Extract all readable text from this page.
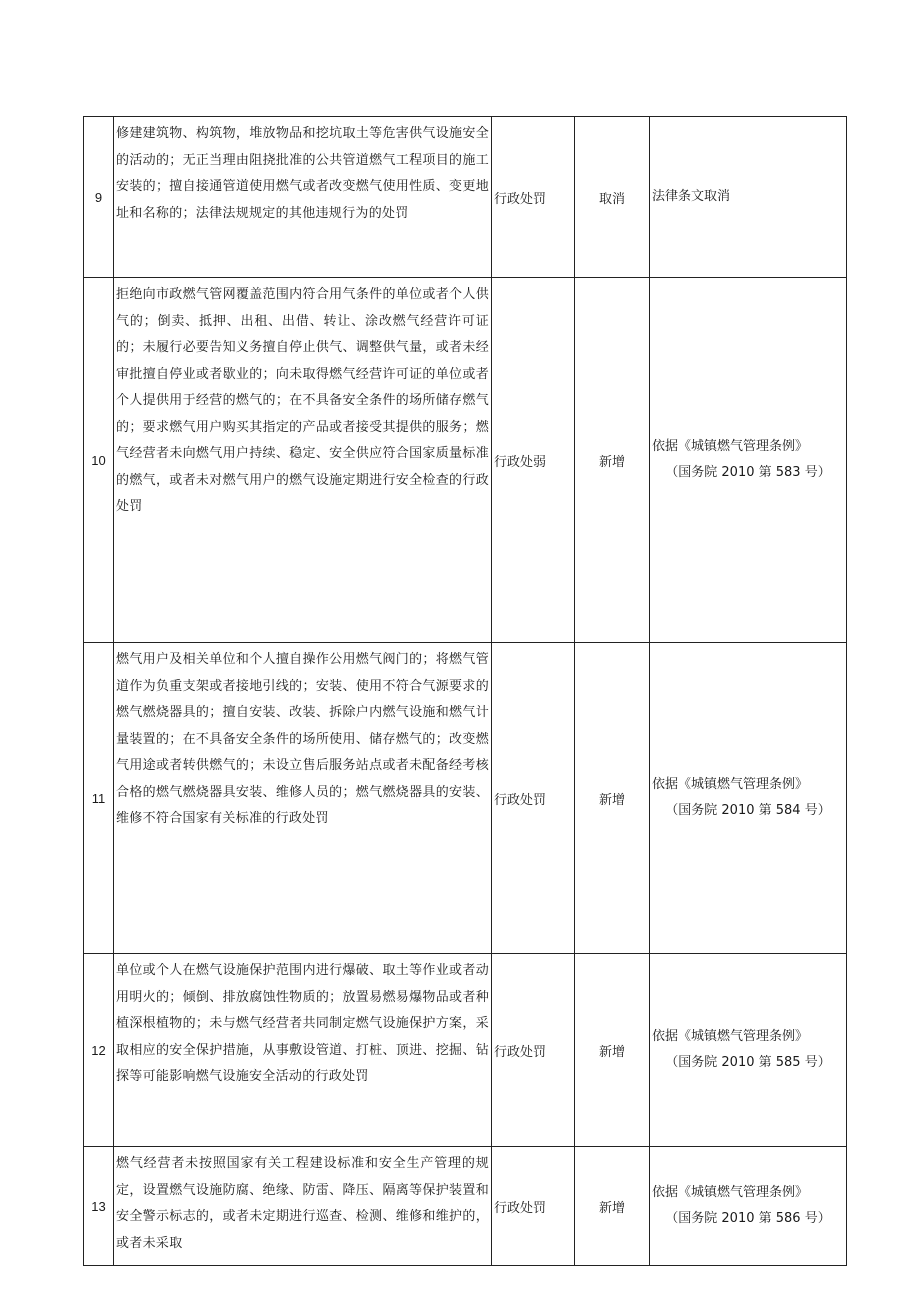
9	修建建筑物、构筑物，堆放物品和挖坑取土等危害供气设施安全的活动的；无正当理由阻挠批准的公共管道燃气工程项目的施工安装的；擅自接通管道使用燃气或者改变燃气使用性质、变更地址和名称的；法律法规规定的其他违规行为的处罚	行政处罚	取消	法律条文取消

10	拒绝向市政燃气管网覆盖范围内符合用气条件的单位或者个人供气的；倒卖、抵押、出租、出借、转让、涂改燃气经营许可证的；未履行必要告知义务擅自停止供气、调整供气量，或者未经审批擅自停业或者歇业的；向未取得燃气经营许可证的单位或者个人提供用于经营的燃气的；在不具备安全条件的场所储存燃气的；要求燃气用户购买其指定的产品或者接受其提供的服务；燃气经营者未向燃气用户持续、稳定、安全供应符合国家质量标准的燃气，或者未对燃气用户的燃气设施定期进行安全检查的行政处罚	行政处弱	新增	依据《城镇燃气管理条例》
（国务院 2010 第 583 号）

11	燃气用户及相关单位和个人擅自操作公用燃气阀门的；将燃气管道作为负重支架或者接地引线的；安装、使用不符合气源要求的燃气燃烧器具的；擅自安装、改装、拆除户内燃气设施和燃气计量装置的；在不具备安全条件的场所使用、储存燃气的；改变燃气用途或者转供燃气的；未设立售后服务站点或者未配备经考核合格的燃气燃烧器具安装、维修人员的；燃气燃烧器具的安装、维修不符合国家有关标准的行政处罚	行政处罚	新增	依据《城镇燃气管理条例》
（国务院 2010 第 584 号）

12	单位或个人在燃气设施保护范围内进行爆破、取土等作业或者动用明火的；倾倒、排放腐蚀性物质的；放置易燃易爆物品或者种植深根植物的；未与燃气经营者共同制定燃气设施保护方案，采取相应的安全保护措施，从事敷设管道、打桩、顶进、挖掘、钻探等可能影响燃气设施安全活动的行政处罚	行政处罚	新增	依据《城镇燃气管理条例》
（国务院 2010 第 585 号）

13	燃气经营者未按照国家有关工程建设标准和安全生产管理的规定，设置燃气设施防腐、绝缘、防雷、降压、隔离等保护装置和安全警示标志的，或者未定期进行巡查、检测、维修和维护的，或者未采取	行政处罚	新增	依据《城镇燃气管理条例》
（国务院 2010 第 586 号）
